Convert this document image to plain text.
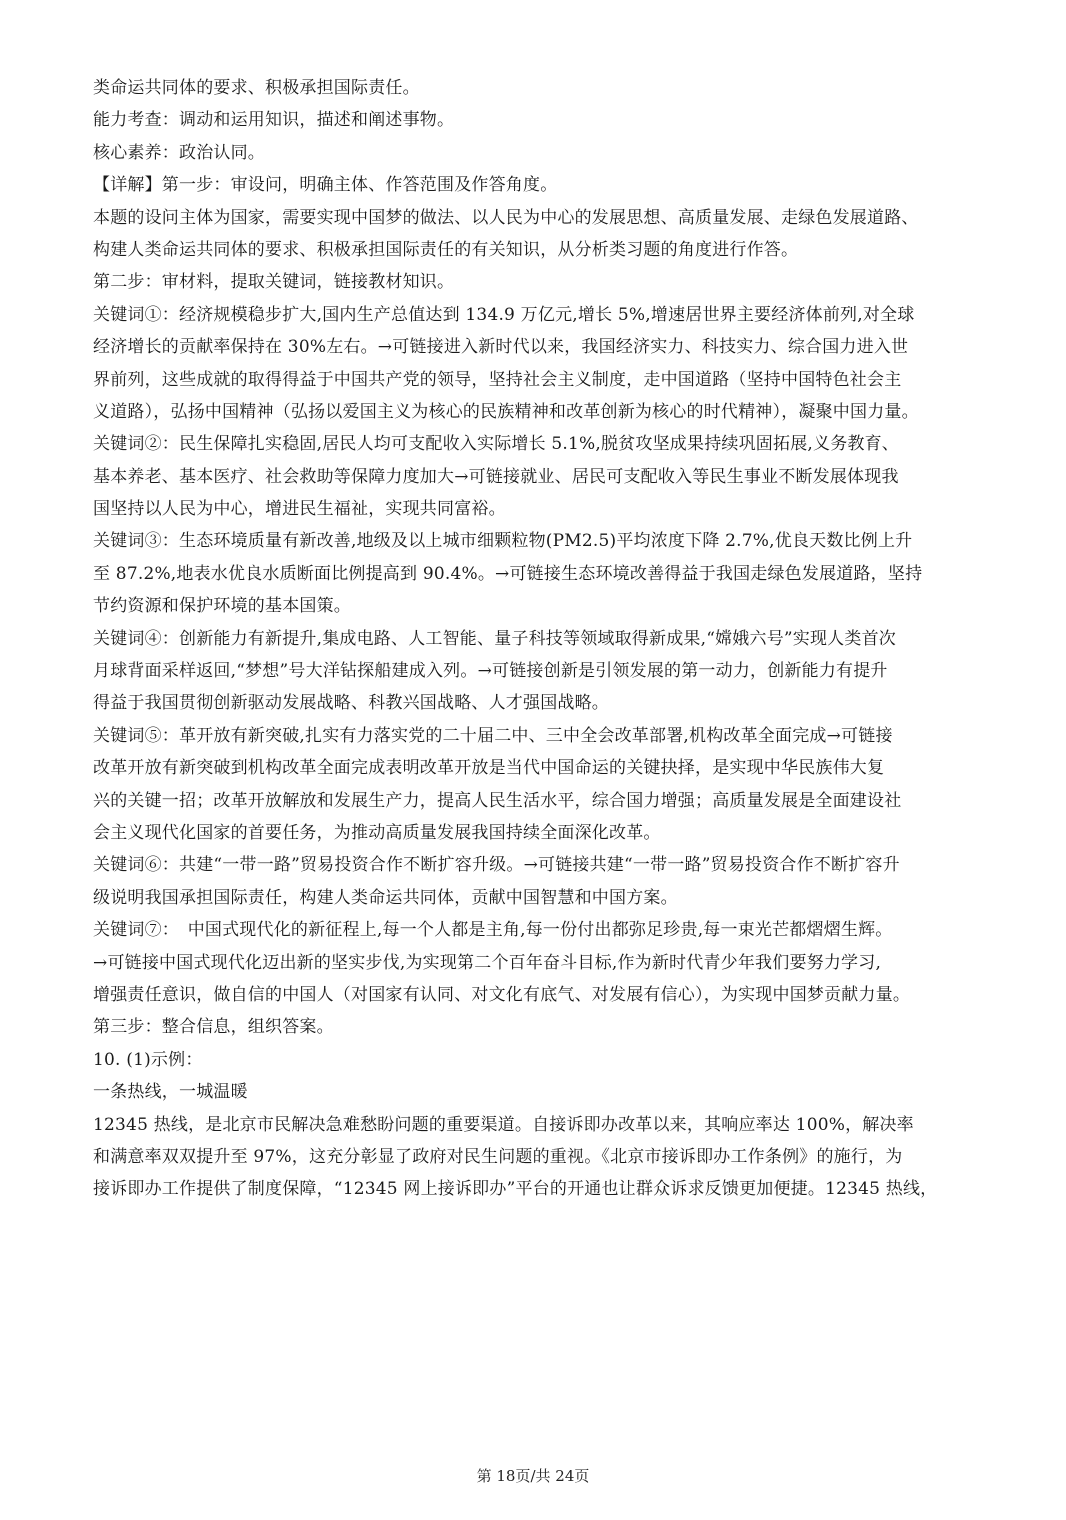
类命运共同体的要求、积极承担国际责任。
能力考查：调动和运用知识，描述和阐述事物。
核心素养：政治认同。
【详解】第一步：审设问，明确主体、作答范围及作答角度。
本题的设问主体为国家，需要实现中国梦的做法、以人民为中心的发展思想、高质量发展、走绿色发展道路、
构建人类命运共同体的要求、积极承担国际责任的有关知识，从分析类习题的角度进行作答。
第二步：审材料，提取关键词，链接教材知识。
关键词①：经济规模稳步扩大,国内生产总值达到 134.9 万亿元,增长 5%,增速居世界主要经济体前列,对全球
经济增长的贡献率保持在 30%左右。→可链接进入新时代以来，我国经济实力、科技实力、综合国力进入世
界前列，这些成就的取得得益于中国共产党的领导，坚持社会主义制度，走中国道路（坚持中国特色社会主
义道路），弘扬中国精神（弘扬以爱国主义为核心的民族精神和改革创新为核心的时代精神），凝聚中国力量。
关键词②：民生保障扎实稳固,居民人均可支配收入实际增长 5.1%,脱贫攻坚成果持续巩固拓展,义务教育、
基本养老、基本医疗、社会救助等保障力度加大→可链接就业、居民可支配收入等民生事业不断发展体现我
国坚持以人民为中心，增进民生福祉，实现共同富裕。
关键词③：生态环境质量有新改善,地级及以上城市细颗粒物(PM2.5)平均浓度下降 2.7%,优良天数比例上升
至 87.2%,地表水优良水质断面比例提高到 90.4%。→可链接生态环境改善得益于我国走绿色发展道路，坚持
节约资源和保护环境的基本国策。
关键词④：创新能力有新提升,集成电路、人工智能、量子科技等领域取得新成果,“嫦娥六号”实现人类首次
月球背面采样返回,“梦想”号大洋钻探船建成入列。→可链接创新是引领发展的第一动力，创新能力有提升
得益于我国贯彻创新驱动发展战略、科教兴国战略、人才强国战略。
关键词⑤：革开放有新突破,扎实有力落实党的二十届二中、三中全会改革部署,机构改革全面完成→可链接
改革开放有新突破到机构改革全面完成表明改革开放是当代中国命运的关键抉择，是实现中华民族伟大复
兴的关键一招；改革开放解放和发展生产力，提高人民生活水平，综合国力增强；高质量发展是全面建设社
会主义现代化国家的首要任务，为推动高质量发展我国持续全面深化改革。
关键词⑥：共建“一带一路”贸易投资合作不断扩容升级。→可链接共建“一带一路”贸易投资合作不断扩容升
级说明我国承担国际责任，构建人类命运共同体，贡献中国智慧和中国方案。
关键词⑦：　中国式现代化的新征程上,每一个人都是主角,每一份付出都弥足珍贵,每一束光芒都熠熠生辉。
→可链接中国式现代化迈出新的坚实步伐,为实现第二个百年奋斗目标,作为新时代青少年我们要努力学习,
增强责任意识，做自信的中国人（对国家有认同、对文化有底气、对发展有信心），为实现中国梦贡献力量。
第三步：整合信息，组织答案。
10. (1)示例：
一条热线，一城温暖
12345 热线，是北京市民解决急难愁盼问题的重要渠道。自接诉即办改革以来，其响应率达 100%，解决率
和满意率双双提升至 97%，这充分彰显了政府对民生问题的重视。《北京市接诉即办工作条例》的施行，为
接诉即办工作提供了制度保障，“12345 网上接诉即办”平台的开通也让群众诉求反馈更加便捷。12345 热线，
第 18页/共 24页
